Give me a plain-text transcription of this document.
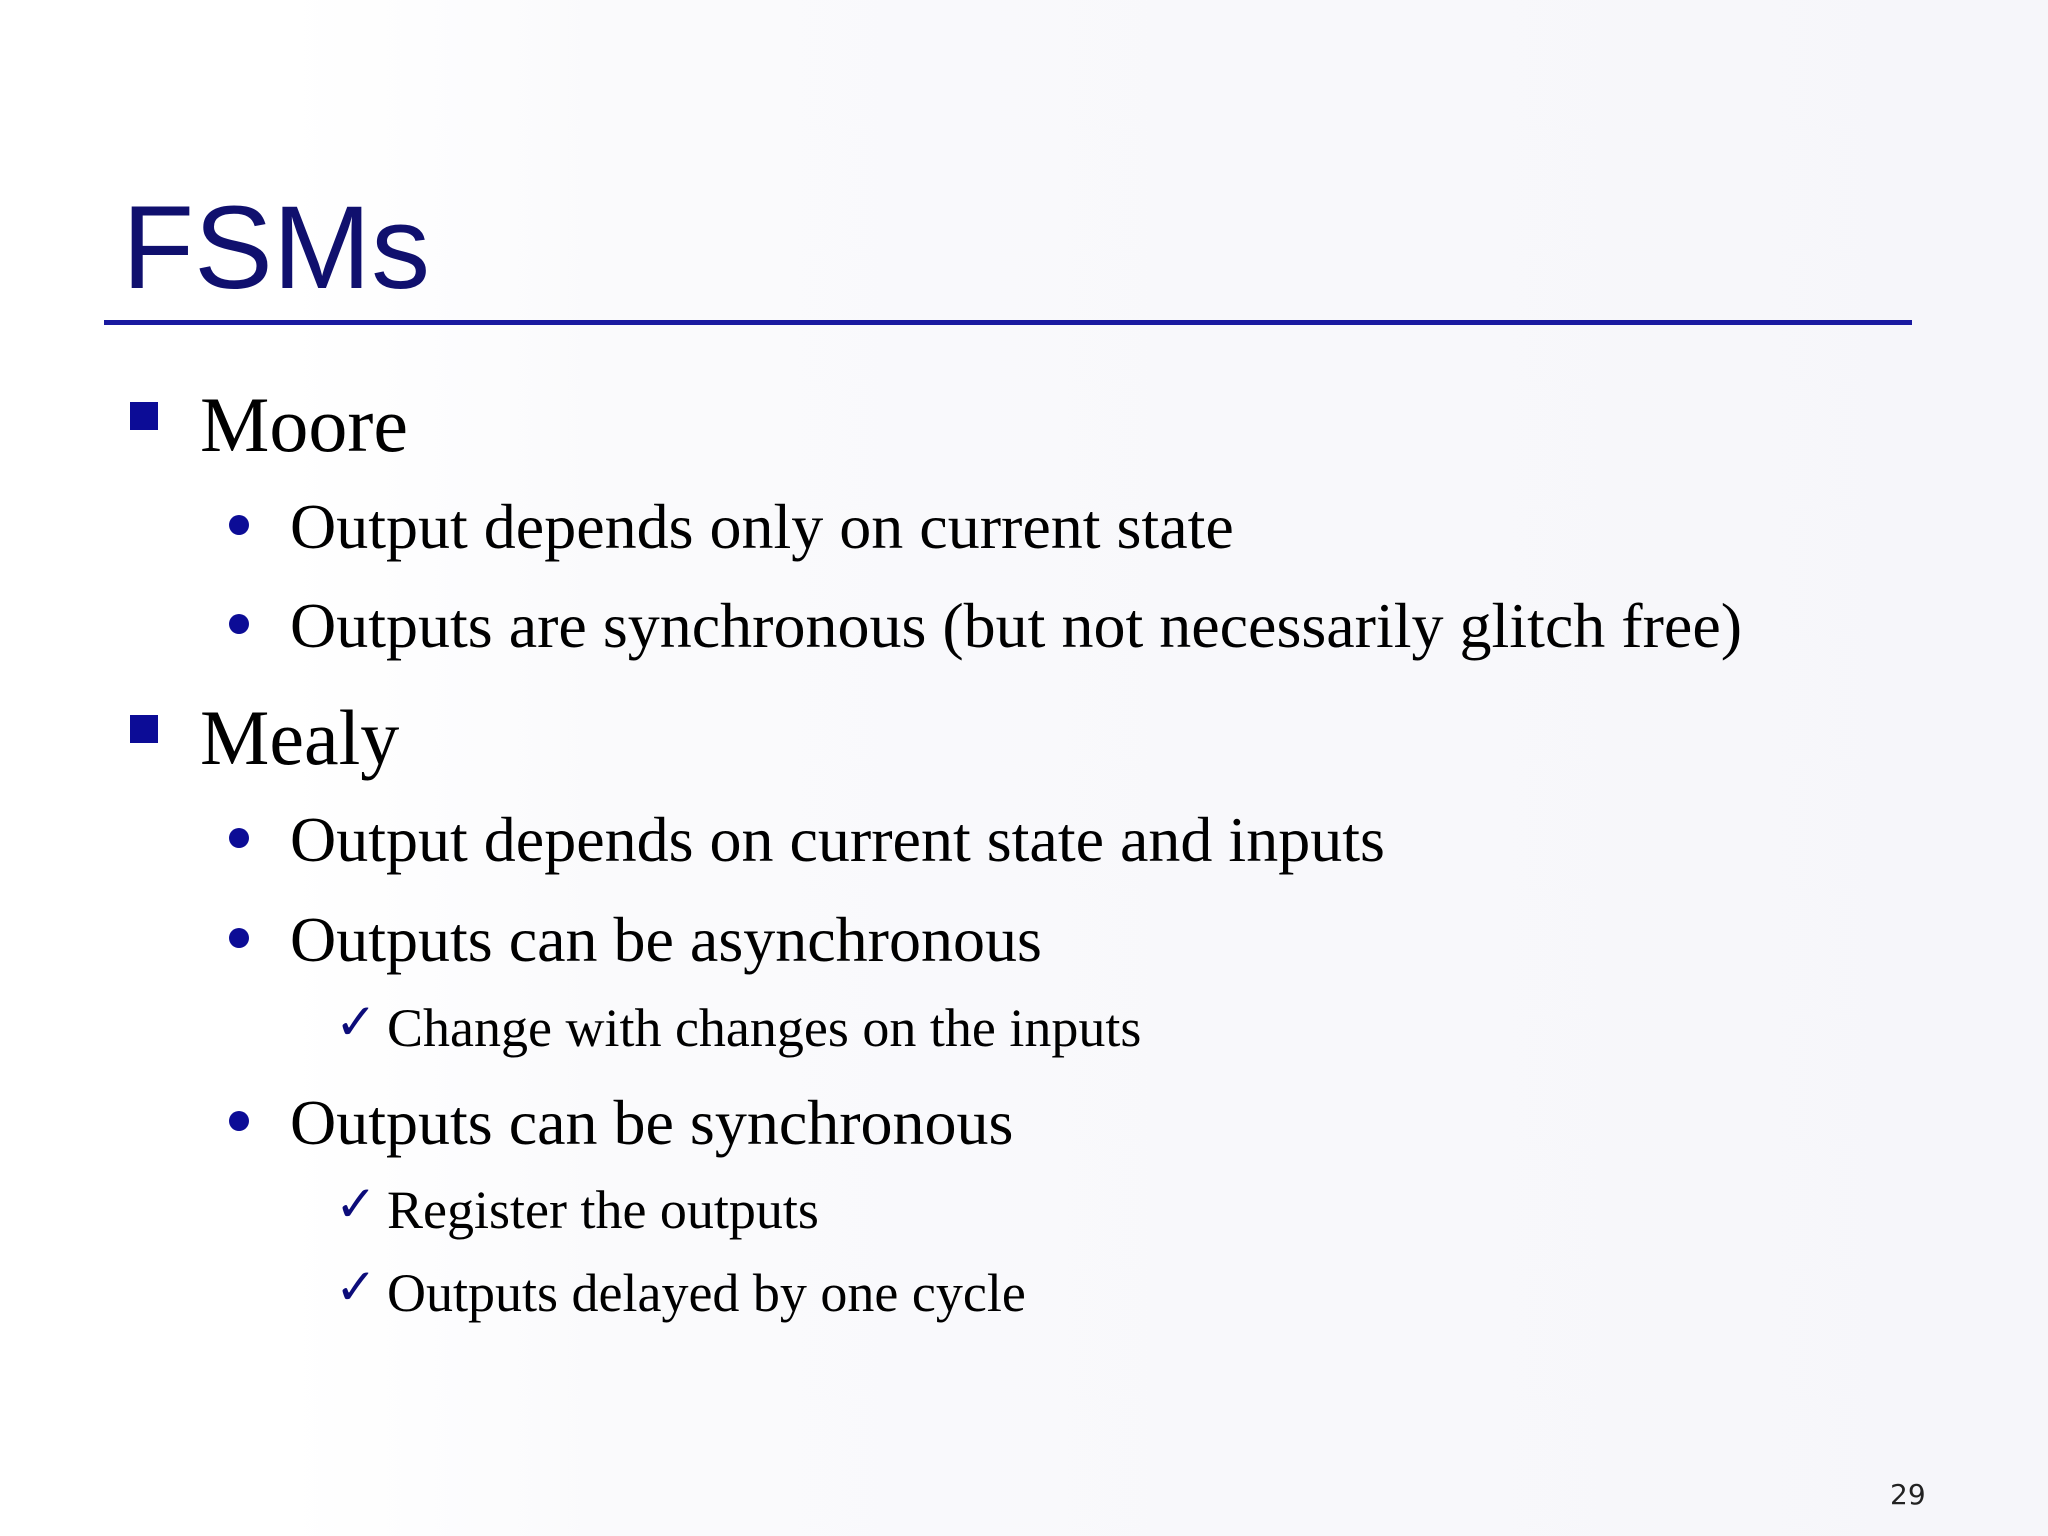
FSMs
Moore
Output depends only on current state
Outputs are synchronous (but not necessarily glitch free)
Mealy
Output depends on current state and inputs
Outputs can be asynchronous
✓ Change with changes on the inputs
Outputs can be synchronous
✓ Register the outputs
✓ Outputs delayed by one cycle
29
